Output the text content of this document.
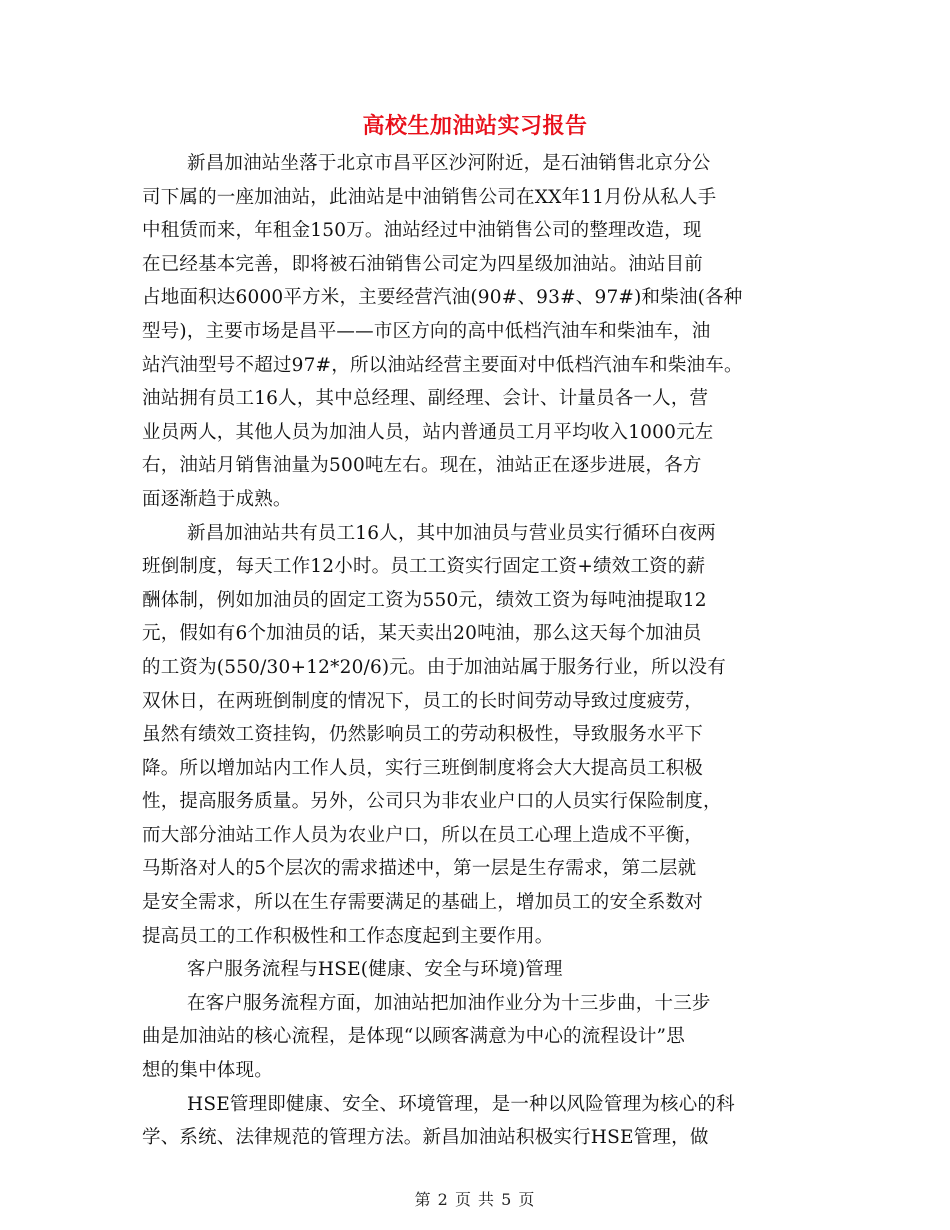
高校生加油站实习报告
新昌加油站坐落于北京市昌平区沙河附近，是石油销售北京分公
司下属的一座加油站，此油站是中油销售公司在XX年11月份从私人手
中租赁而来，年租金150万。油站经过中油销售公司的整理改造，现
在已经基本完善，即将被石油销售公司定为四星级加油站。油站目前
占地面积达6000平方米，主要经营汽油(90#、93#、97#)和柴油(各种
型号)，主要市场是昌平——市区方向的高中低档汽油车和柴油车，油
站汽油型号不超过97#，所以油站经营主要面对中低档汽油车和柴油车。
油站拥有员工16人，其中总经理、副经理、会计、计量员各一人，营
业员两人，其他人员为加油人员，站内普通员工月平均收入1000元左
右，油站月销售油量为500吨左右。现在，油站正在逐步进展，各方
面逐渐趋于成熟。
新昌加油站共有员工16人，其中加油员与营业员实行循环白夜两
班倒制度，每天工作12小时。员工工资实行固定工资+绩效工资的薪
酬体制，例如加油员的固定工资为550元，绩效工资为每吨油提取12
元，假如有6个加油员的话，某天卖出20吨油，那么这天每个加油员
的工资为(550/30+12*20/6)元。由于加油站属于服务行业，所以没有
双休日，在两班倒制度的情况下，员工的长时间劳动导致过度疲劳，
虽然有绩效工资挂钩，仍然影响员工的劳动积极性，导致服务水平下
降。所以增加站内工作人员，实行三班倒制度将会大大提高员工积极
性，提高服务质量。另外，公司只为非农业户口的人员实行保险制度，
而大部分油站工作人员为农业户口，所以在员工心理上造成不平衡，
马斯洛对人的5个层次的需求描述中，第一层是生存需求，第二层就
是安全需求，所以在生存需要满足的基础上，增加员工的安全系数对
提高员工的工作积极性和工作态度起到主要作用。
客户服务流程与HSE(健康、安全与环境)管理
在客户服务流程方面，加油站把加油作业分为十三步曲，十三步
曲是加油站的核心流程，是体现“以顾客满意为中心的流程设计”思
想的集中体现。
HSE管理即健康、安全、环境管理，是一种以风险管理为核心的科
学、系统、法律规范的管理方法。新昌加油站积极实行HSE管理，做
第 2 页 共 5 页
